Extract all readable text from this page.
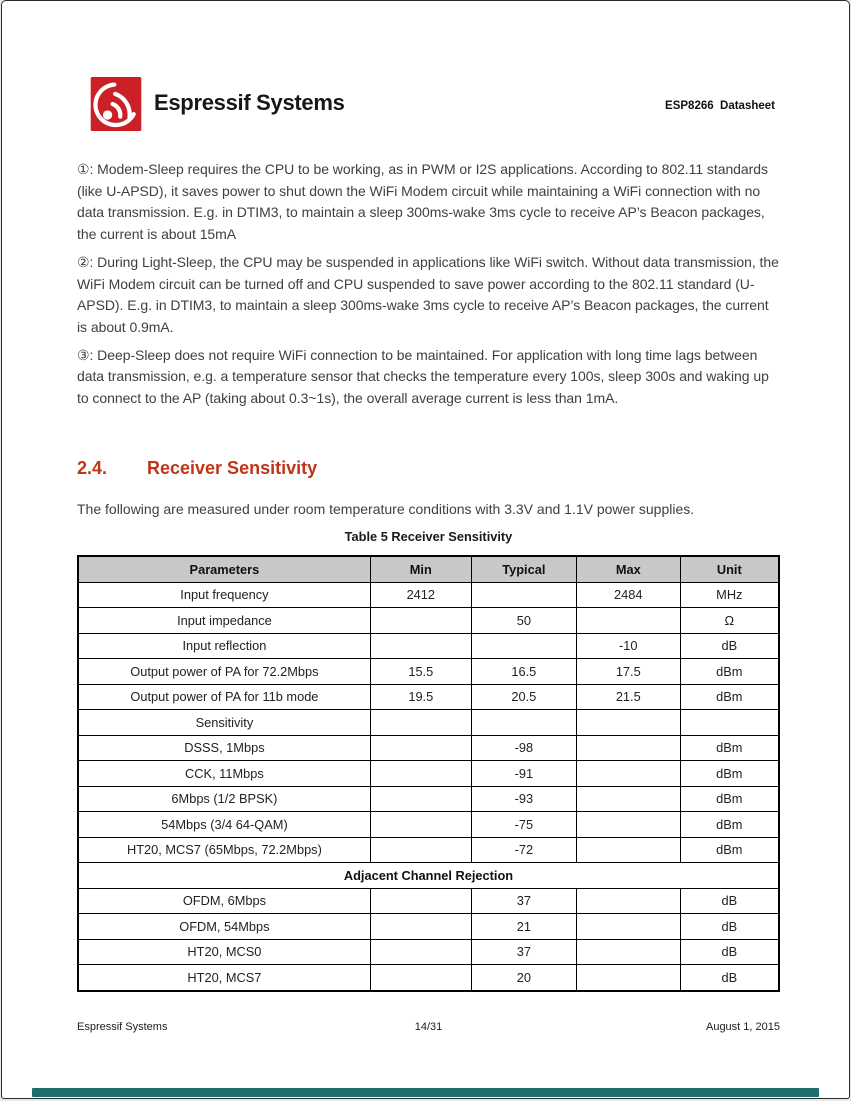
Espressif Systems	ESP8266  Datasheet

①: Modem-Sleep requires the CPU to be working, as in PWM or I2S applications. According to 802.11 standards (like U-APSD), it saves power to shut down the WiFi Modem circuit while maintaining a WiFi connection with no data transmission. E.g. in DTIM3, to maintain a sleep 300ms-wake 3ms cycle to receive AP’s Beacon packages, the current is about 15mA

②: During Light-Sleep, the CPU may be suspended in applications like WiFi switch. Without data transmission, the WiFi Modem circuit can be turned off and CPU suspended to save power according to the 802.11 standard (U-APSD). E.g. in DTIM3, to maintain a sleep 300ms-wake 3ms cycle to receive AP’s Beacon packages, the current is about 0.9mA.

③: Deep-Sleep does not require WiFi connection to be maintained. For application with long time lags between data transmission, e.g. a temperature sensor that checks the temperature every 100s, sleep 300s and waking up to connect to the AP (taking about 0.3~1s), the overall average current is less than 1mA.

2.4.	Receiver Sensitivity

The following are measured under room temperature conditions with 3.3V and 1.1V power supplies.

Table 5 Receiver Sensitivity
Parameters	Min	Typical	Max	Unit
Input frequency	2412		2484	MHz
Input impedance		50		Ω
Input reflection			-10	dB
Output power of PA for 72.2Mbps	15.5	16.5	17.5	dBm
Output power of PA for 11b mode	19.5	20.5	21.5	dBm
Sensitivity				
DSSS, 1Mbps		-98		dBm
CCK, 11Mbps		-91		dBm
6Mbps (1/2 BPSK)		-93		dBm
54Mbps (3/4 64-QAM)		-75		dBm
HT20, MCS7 (65Mbps, 72.2Mbps)		-72		dBm
Adjacent Channel Rejection				
OFDM, 6Mbps		37		dB
OFDM, 54Mbps		21		dB
HT20, MCS0		37		dB
HT20, MCS7		20		dB
Espressif Systems	14/31	August 1, 2015
